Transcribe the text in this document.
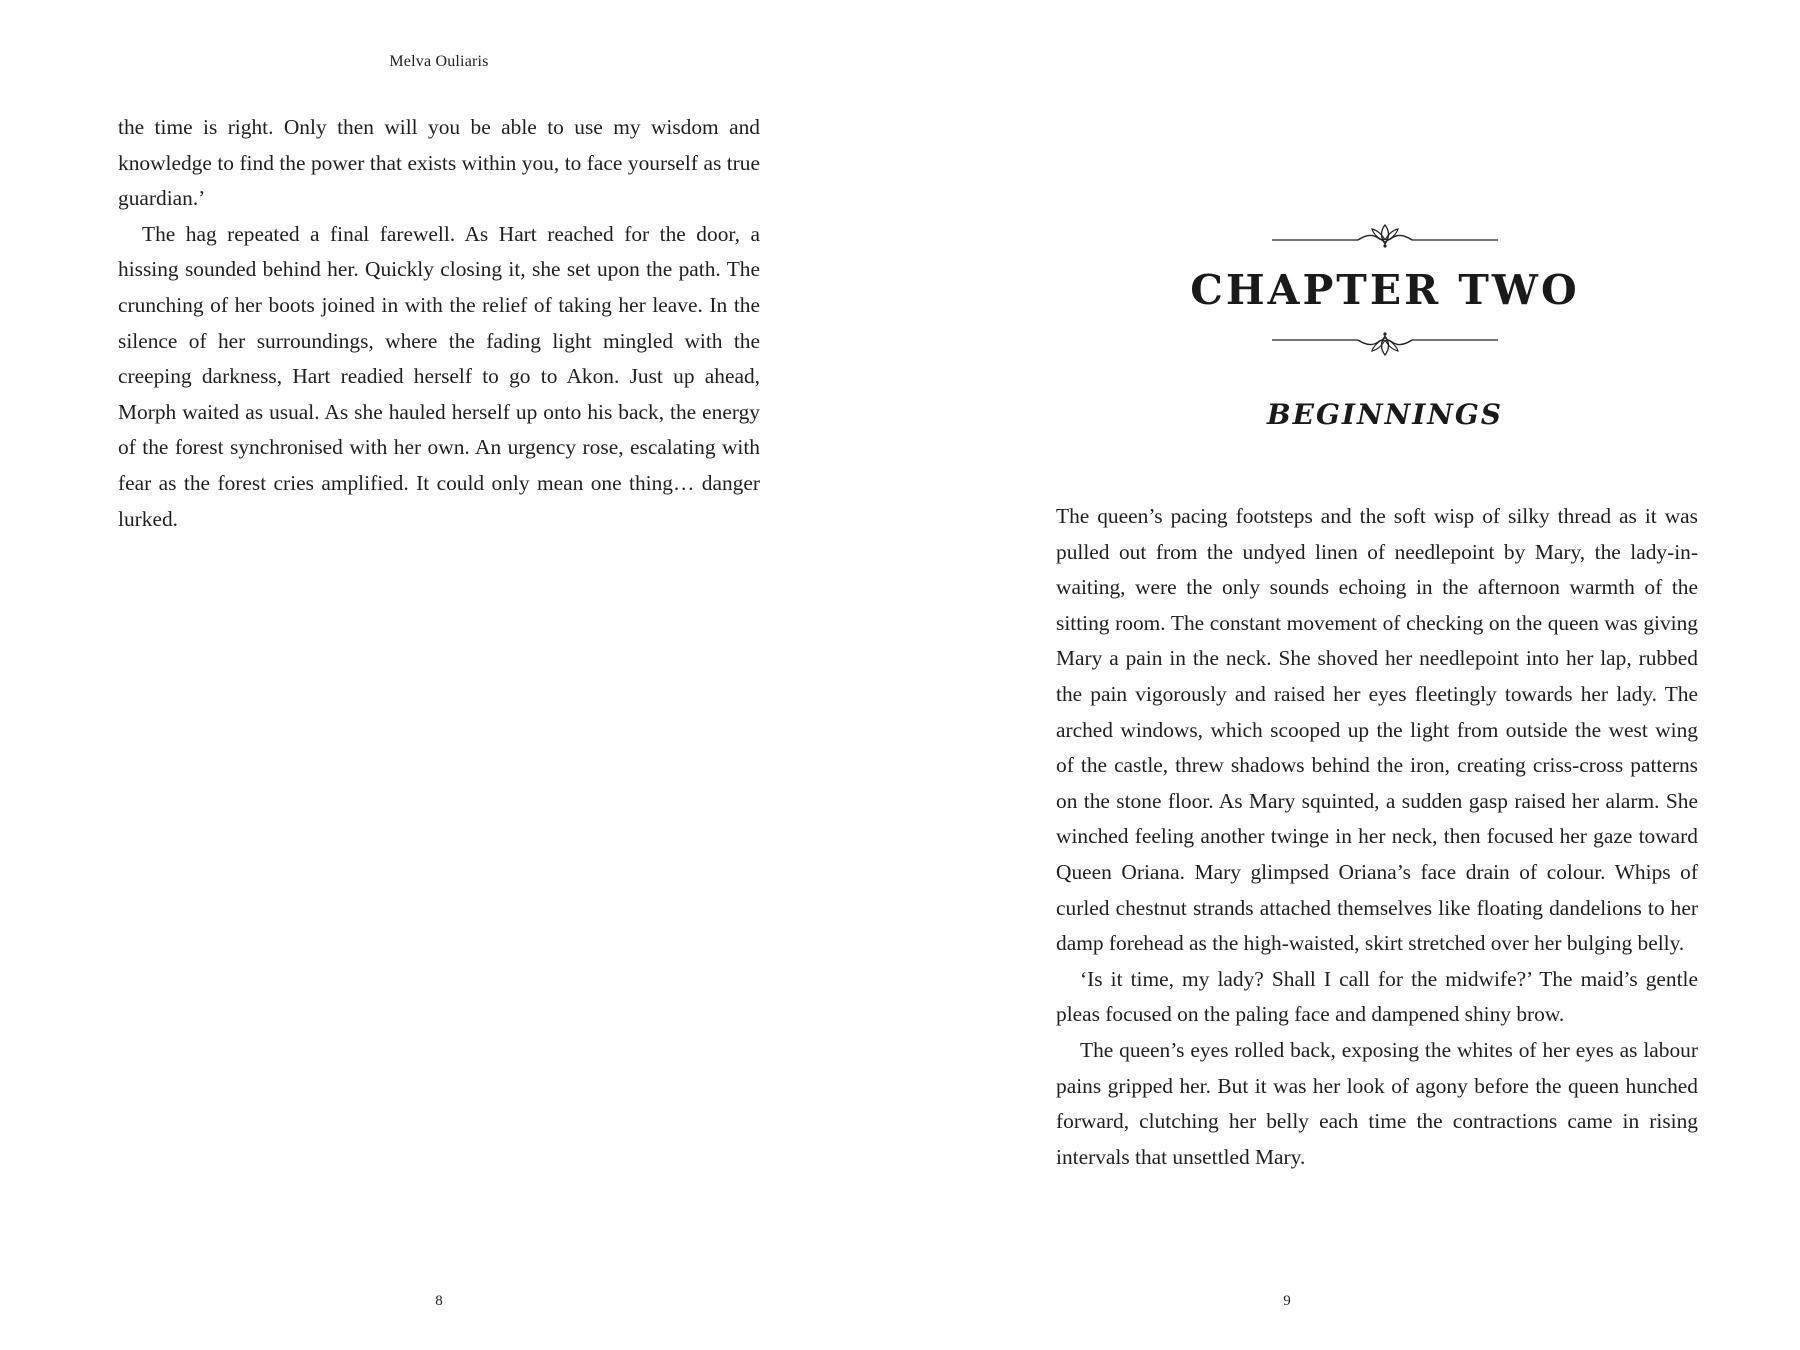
Melva Ouliaris

the time is right. Only then will you be able to use my wisdom and knowledge to find the power that exists within you, to face yourself as true guardian.’

The hag repeated a final farewell. As Hart reached for the door, a hissing sounded behind her. Quickly closing it, she set upon the path. The crunching of her boots joined in with the relief of taking her leave. In the silence of her surroundings, where the fading light mingled with the creeping darkness, Hart readied herself to go to Akon. Just up ahead, Morph waited as usual. As she hauled herself up onto his back, the energy of the forest synchronised with her own. An urgency rose, escalating with fear as the forest cries amplified. It could only mean one thing… danger lurked.

8
CHAPTER TWO
BEGINNINGS

The queen’s pacing footsteps and the soft wisp of silky thread as it was pulled out from the undyed linen of needlepoint by Mary, the lady-in-waiting, were the only sounds echoing in the afternoon warmth of the sitting room. The constant movement of checking on the queen was giving Mary a pain in the neck. She shoved her needlepoint into her lap, rubbed the pain vigorously and raised her eyes fleetingly towards her lady. The arched windows, which scooped up the light from outside the west wing of the castle, threw shadows behind the iron, creating criss-cross patterns on the stone floor. As Mary squinted, a sudden gasp raised her alarm. She winched feeling another twinge in her neck, then focused her gaze toward Queen Oriana. Mary glimpsed Oriana’s face drain of colour. Whips of curled chestnut strands attached themselves like floating dandelions to her damp forehead as the high-waisted, skirt stretched over her bulging belly.

‘Is it time, my lady? Shall I call for the midwife?’ The maid’s gentle pleas focused on the paling face and dampened shiny brow.

The queen’s eyes rolled back, exposing the whites of her eyes as labour pains gripped her. But it was her look of agony before the queen hunched forward, clutching her belly each time the contractions came in rising intervals that unsettled Mary.

9
